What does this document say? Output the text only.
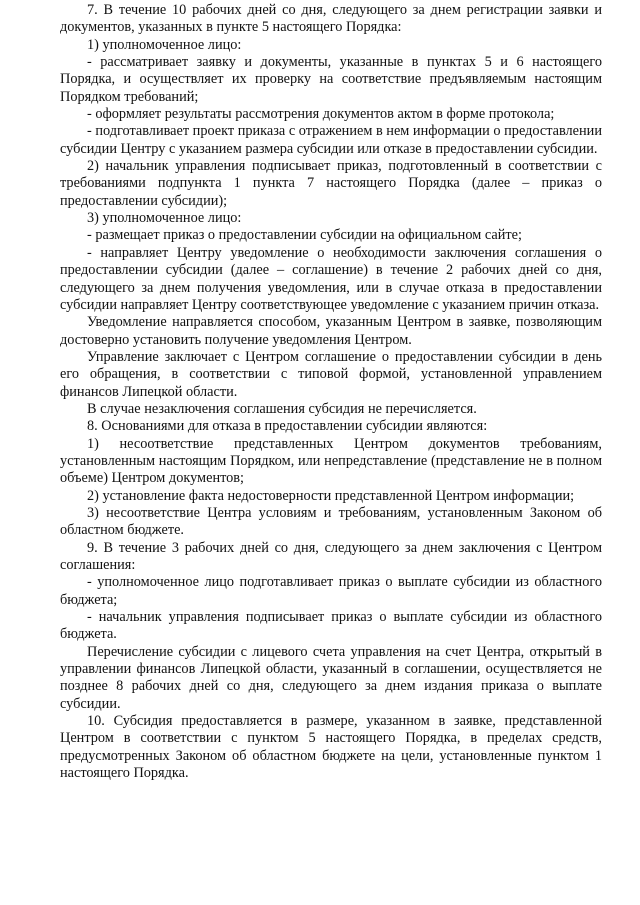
7. В течение 10 рабочих дней со дня, следующего за днем регистрации заявки и документов, указанных в пункте 5 настоящего Порядка:

1) уполномоченное лицо:

- рассматривает заявку и документы, указанные в пунктах 5 и 6 настоящего Порядка, и осуществляет их проверку на соответствие предъявляемым настоящим Порядком требований;

- оформляет результаты рассмотрения документов актом в форме протокола;

- подготавливает проект приказа с отражением в нем информации о предоставлении субсидии Центру с указанием размера субсидии или отказе в предоставлении субсидии.

2) начальник управления подписывает приказ, подготовленный в соответствии с требованиями подпункта 1 пункта 7 настоящего Порядка (далее – приказ о предоставлении субсидии);

3) уполномоченное лицо:

- размещает приказ о предоставлении субсидии на официальном сайте;

- направляет Центру уведомление о необходимости заключения соглашения о предоставлении субсидии (далее – соглашение) в течение 2 рабочих дней со дня, следующего за днем получения уведомления, или в случае отказа в предоставлении субсидии направляет Центру соответствующее уведомление с указанием причин отказа.

Уведомление направляется способом, указанным Центром в заявке, позволяющим достоверно установить получение уведомления Центром.

Управление заключает с Центром соглашение о предоставлении субсидии в день его обращения, в соответствии с типовой формой, установленной управлением финансов Липецкой области.

В случае незаключения соглашения субсидия не перечисляется.

8. Основаниями для отказа в предоставлении субсидии являются:

1) несоответствие представленных Центром документов требованиям, установленным настоящим Порядком, или непредставление (представление не в полном объеме) Центром документов;

2) установление факта недостоверности представленной Центром информации;

3) несоответствие Центра условиям и требованиям, установленным Законом об областном бюджете.

9. В течение 3 рабочих дней со дня, следующего за днем заключения с Центром соглашения:

- уполномоченное лицо подготавливает приказ о выплате субсидии из областного бюджета;

- начальник управления подписывает приказ о выплате субсидии из областного бюджета.

Перечисление субсидии с лицевого счета управления на счет Центра, открытый в управлении финансов Липецкой области, указанный в соглашении, осуществляется не позднее 8 рабочих дней со дня, следующего за днем издания приказа о выплате субсидии.

10. Субсидия предоставляется в размере, указанном в заявке, представленной Центром в соответствии с пунктом 5 настоящего Порядка, в пределах средств, предусмотренных Законом об областном бюджете на цели, установленные пунктом 1 настоящего Порядка.
